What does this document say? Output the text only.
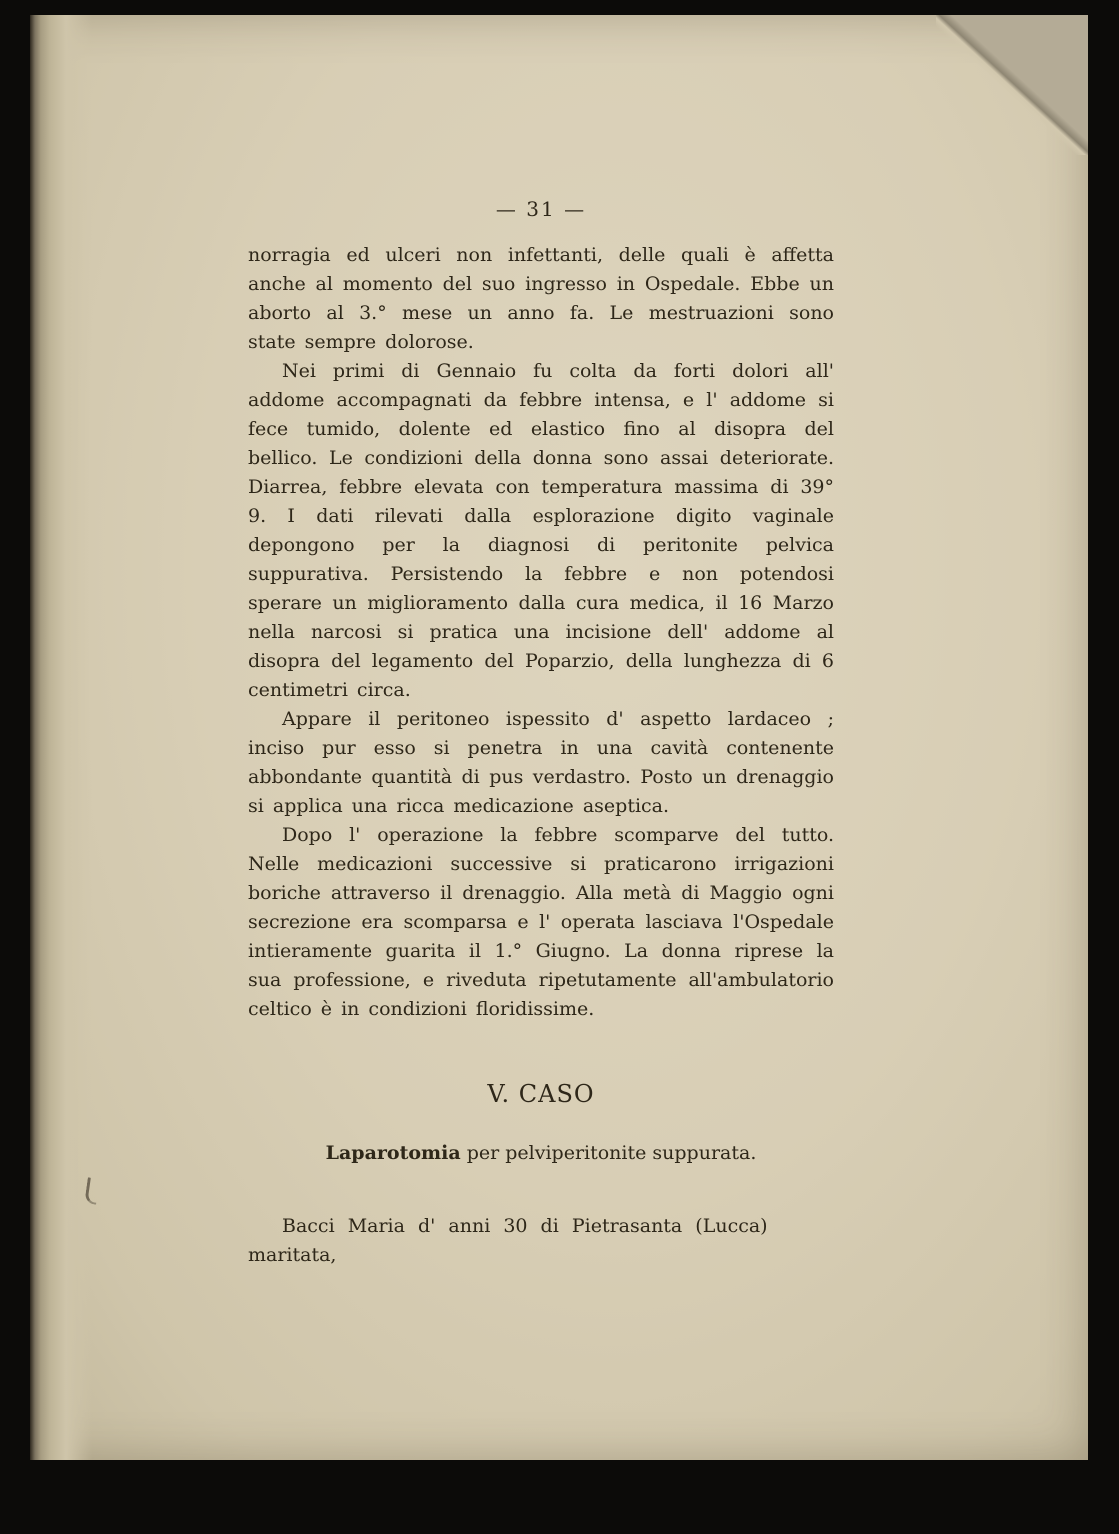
— 31 —

norragia ed ulceri non infettanti, delle quali è affetta anche al momento del suo ingresso in Ospedale. Ebbe un aborto al 3.° mese un anno fa. Le mestruazioni sono state sempre dolorose.

Nei primi di Gennaio fu colta da forti dolori all' addome accompagnati da febbre intensa, e l' addome si fece tumido, dolente ed elastico fino al disopra del bellico. Le condizioni della donna sono assai deteriorate. Diarrea, febbre elevata con temperatura massima di 39° 9. I dati rilevati dalla esplorazione digito vaginale depongono per la diagnosi di peritonite pelvica suppurativa. Persistendo la febbre e non potendosi sperare un miglioramento dalla cura medica, il 16 Marzo nella narcosi si pratica una incisione dell' addome al disopra del legamento del Poparzio, della lunghezza di 6 centimetri circa.

Appare il peritoneo ispessito d' aspetto lardaceo ; inciso pur esso si penetra in una cavità contenente abbondante quantità di pus verdastro. Posto un drenaggio si applica una ricca medicazione aseptica.

Dopo l' operazione la febbre scomparve del tutto. Nelle medicazioni successive si praticarono irrigazioni boriche attraverso il drenaggio. Alla metà di Maggio ogni secrezione era scomparsa e l' operata lasciava l'Ospedale intieramente guarita il 1.° Giugno. La donna riprese la sua professione, e riveduta ripetutamente all'ambulatorio celtico è in condizioni floridissime.

V. CASO

Laparotomia per pelviperitonite suppurata.

Bacci Maria d' anni 30 di Pietrasanta (Lucca) maritata,
